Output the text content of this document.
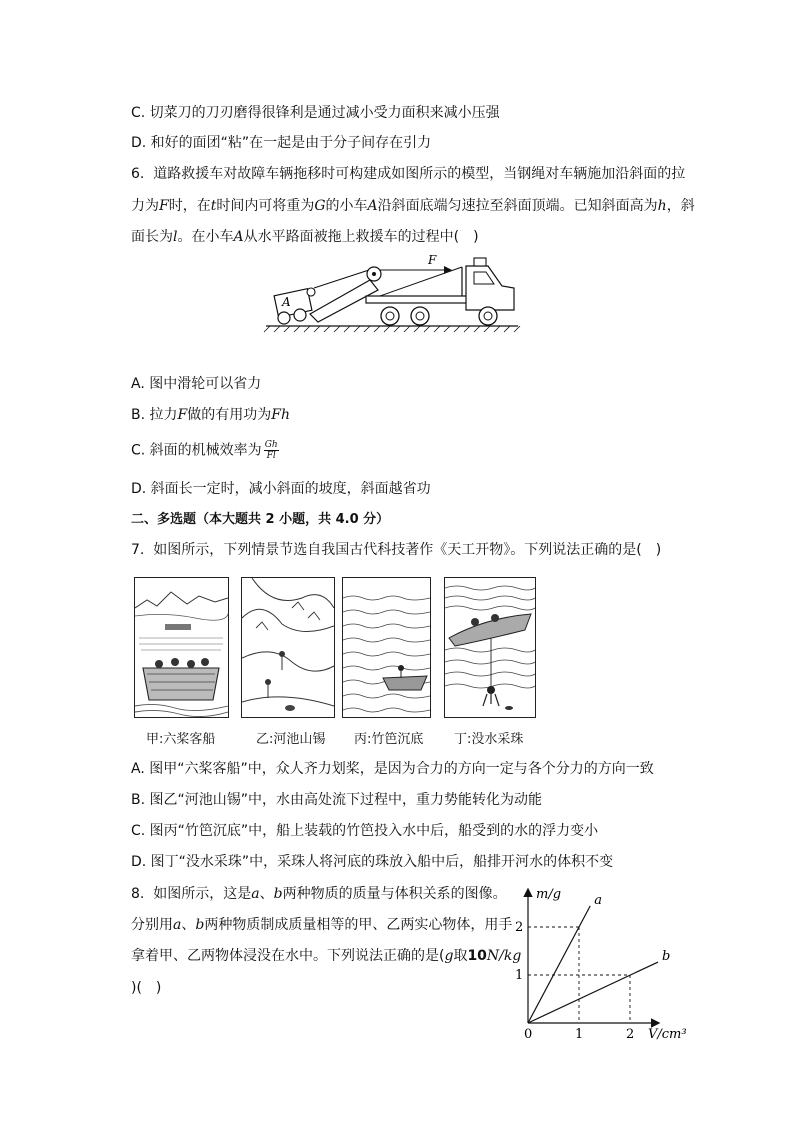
C. 切菜刀的刀刃磨得很锋利是通过减小受力面积来减小压强
D. 和好的面团“粘”在一起是由于分子间存在引力
6. 道路救援车对故障车辆拖移时可构建成如图所示的模型，当钢绳对车辆施加沿斜面的拉
力为F时，在t时间内可将重为G的小车A沿斜面底端匀速拉至斜面顶端。已知斜面高为h，斜
面长为l。在小车A从水平路面被拖上救援车的过程中(　)
A
F
A. 图中滑轮可以省力
B. 拉力F做的有用功为Fh
C. 斜面的机械效率为 $\frac{Gh}{Fl}$
D. 斜面长一定时，减小斜面的坡度，斜面越省功
二、多选题（本大题共 2 小题，共 4.0 分）
7. 如图所示，下列情景节选自我国古代科技著作《天工开物》。下列说法正确的是(　)
甲:六桨客船	乙:河池山锡 丙:竹笆沉底 丁:没水采珠
A. 图甲“六桨客船”中，众人齐力划桨，是因为合力的方向一定与各个分力的方向一致
B. 图乙“河池山锡”中，水由高处流下过程中，重力势能转化为动能
C. 图丙“竹笆沉底”中，船上装载的竹笆投入水中后，船受到的水的浮力变小
D. 图丁“没水采珠”中，采珠人将河底的珠放入船中后，船排开河水的体积不变
8. 如图所示，这是a、b两种物质的质量与体积关系的图像。
分别用a、b两种物质制成质量相等的甲、乙两实心物体，用手
拿着甲、乙两物体浸没在水中。下列说法正确的是(g取10N/kg
)(　)
a
b
0	1	2
1
2
m/g
V/cm³
